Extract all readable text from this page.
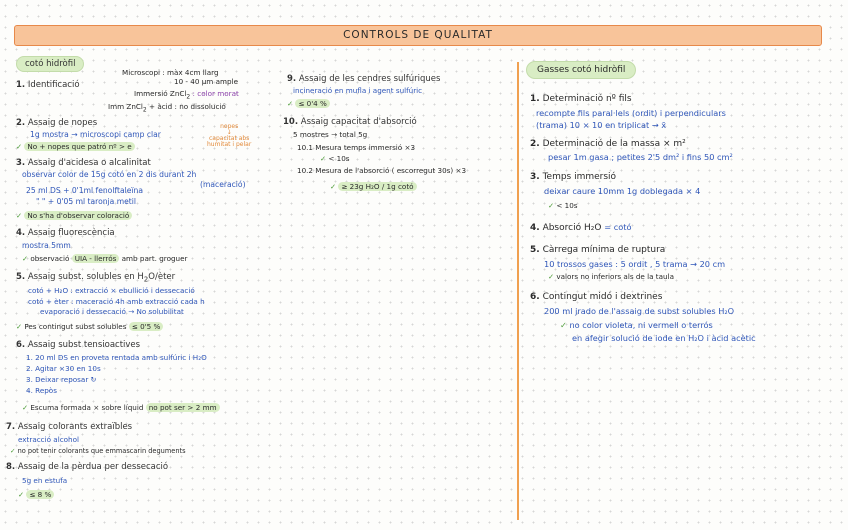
CONTROLS DE QUALITAT
cotó hidròfil
1. Identificació
Microscopi : màx 4cm llarg
10 - 40 µm ample
Immersió ZnCl$_2$ : color morat
Imm ZnCl$_2$ + àcid : no dissolució
2. Assaig de nopes
1g mostra → microscopi camp clar
✓ No + nopes que patró nº > e
nopes
↓
capacitat abs
humitat i pelar
3. Assaig d'acidesa o alcalinitat
observar color de 15g cotó en 2 dis durant 2h
(maceració)
25 ml DS + 0'1ml fenolftaleïna
" " + 0'05 ml taronja metil
✓ No s'ha d'observar coloració
4. Assaig fluorescència
mostra 5mm
✓ observació UIA - llerrós amb part. groguer
5. Assaig subst. solubles en $H_2O$/èter
cotó + H₂O : extracció × ebullició i dessecació
cotó + èter : maceració 4h amb extracció cada h
evaporació i dessecació → No solubilitat
✓ Pes contingut subst solubles ≤ 0'5 %
6. Assaig subst tensioactives
1. 20 ml DS en proveta rentada amb sulfúric i H₂O
2. Agitar ×30 en 10s
3. Deixar reposar ↻
4. Repòs
✓ Escuma formada × sobre líquid no pot ser > 2 mm
7. Assaig colorants extraïbles
extracció alcohol
✓ no pot tenir colorants que emmascarin deguments
8. Assaig de la pèrdua per dessecació
5g en estufa
✓ ≤ 8 %
9. Assaig de les cendres sulfúriques
incineració en mufla i agent sulfúric
✓ ≤ 0'4 %
10. Assaig capacitat d'absorció
5 mostres → total 5g
10.1 Mesura temps immersió ×3
✓ < 10s
10.2 Mesura de l'absorció ( escorregut 30s) ×3
✓ ≥ 23g H₂O / 1g cotó
Gasses cotó hidròfil
1. Determinació nº fils
recompte fils paral·lels (ordit) i perpendiculars
(trama) 10 × 10 en triplicat → x̄
2. Determinació de la massa × m²
pesar 1m gasa ; petites 2'5 dm² i fins 50 cm²
3. Temps immersió
deixar caure 10mm 1g doblegada × 4
✓ < 10s
4. Absorció H₂O = cotó
5. Càrrega mínima de ruptura
10 trossos gases : 5 ordit , 5 trama → 20 cm
✓ valors no inferiors als de la taula
6. Contingut midó i dextrines
200 ml jrado de l'assaig de subst solubles H₂O
✓ no color violeta, ni vermell o terrós
en afegir solució de iode en H₂O i àcid acètic
